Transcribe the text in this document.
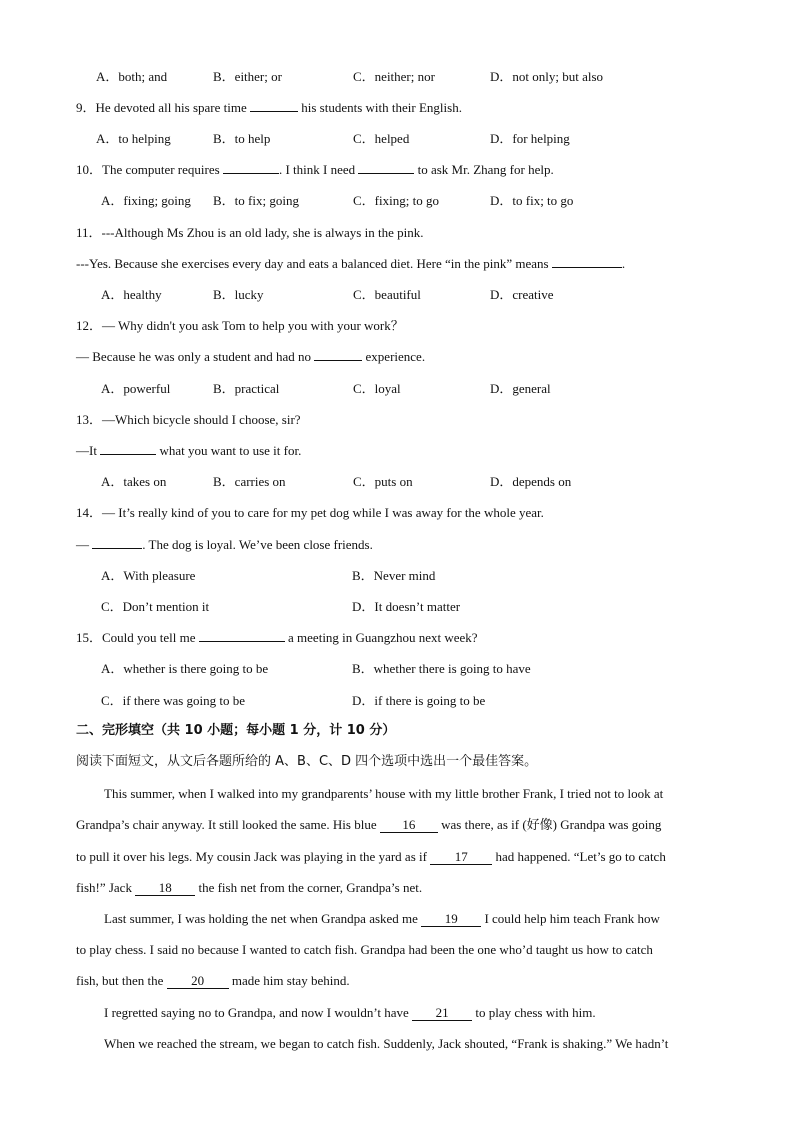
A．both; and	B．either; or	C．neither; nor	D．not only; but also
9．He devoted all his spare time	his students with their English.
A．to helping	B．to help	C．helped	D．for helping
10．The computer requires	. I think I need	to ask Mr. Zhang for help.
A．fixing; going B．to fix; going	C．fixing; to go	D．to fix; to go
11．---Although Ms Zhou is an old lady, she is always in the pink.
---Yes. Because she exercises every day and eats a balanced diet. Here “in the pink” means	.
A．healthy	B．lucky	C．beautiful	D．creative
12．— Why didn't you ask Tom to help you with your work？
— Because he was only a student and had no	experience.
A．powerful	B．practical	C．loyal	D．general
13．—Which bicycle should I choose, sir?
—It	what you want to use it for.
A．takes on	B．carries on	C．puts on	D．depends on
14．— It’s really kind of you to care for my pet dog while I was away for the whole year.
—	. The dog is loyal. We’ve been close friends.
A．With pleasure	B．Never mind
C．Don’t mention it	D．It doesn’t matter
15．Could you tell me	a meeting in Guangzhou next week?
A．whether is there going to be	B．whether there is going to have
C．if there was going to be	D．if there is going to be
二、完形填空（共 10 小题；每小题 1 分，计 10 分）
阅读下面短文，从文后各题所给的 A、B、C、D 四个选项中选出一个最佳答案。
This summer, when I walked into my grandparents’ house with my little brother Frank, I tried not to look at
Grandpa’s chair anyway. It still looked the same. His blue 16 was there, as if (好像) Grandpa was going
to pull it over his legs. My cousin Jack was playing in the yard as if 17 had happened. “Let’s go to catch
fish!” Jack 18 the fish net from the corner, Grandpa’s net.
Last summer, I was holding the net when Grandpa asked me 19 I could help him teach Frank how
to play chess. I said no because I wanted to catch fish. Grandpa had been the one who’d taught us how to catch
fish, but then the 20 made him stay behind.
I regretted saying no to Grandpa, and now I wouldn’t have 21 to play chess with him.
When we reached the stream, we began to catch fish. Suddenly, Jack shouted, “Frank is shaking.” We hadn’t
